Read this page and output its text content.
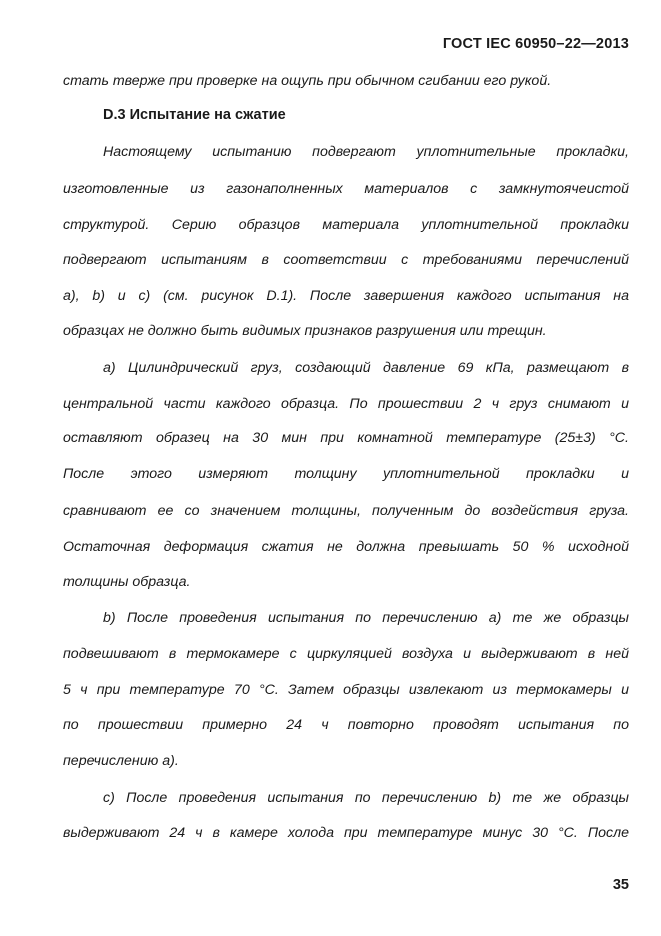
ГОСТ IEC 60950–22—2013
стать тверже при проверке на ощупь при обычном сгибании его рукой.
D.3 Испытание на сжатие
Настоящему испытанию подвергают уплотнительные прокладки,
изготовленные из газонаполненных материалов с замкнутоячеистой
структурой. Серию образцов материала уплотнительной прокладки
подвергают испытаниям в соответствии с требованиями перечислений
а), b) и с) (см. рисунок D.1). После завершения каждого испытания на
образцах не должно быть видимых признаков разрушения или трещин.
a) Цилиндрический груз, создающий давление 69 кПа, размещают в
центральной части каждого образца. По прошествии 2 ч груз снимают и
оставляют образец на 30 мин при комнатной температуре (25±3) °С.
После этого измеряют толщину уплотнительной прокладки и
сравнивают ее со значением толщины, полученным до воздействия груза.
Остаточная деформация сжатия не должна превышать 50 % исходной
толщины образца.
b) После проведения испытания по перечислению а) те же образцы
подвешивают в термокамере с циркуляцией воздуха и выдерживают в ней
5 ч при температуре 70 °С. Затем образцы извлекают из термокамеры и
по прошествии примерно 24 ч повторно проводят испытания по
перечислению а).
с) После проведения испытания по перечислению b) те же образцы
выдерживают 24 ч в камере холода при температуре минус 30 °С. После
35
